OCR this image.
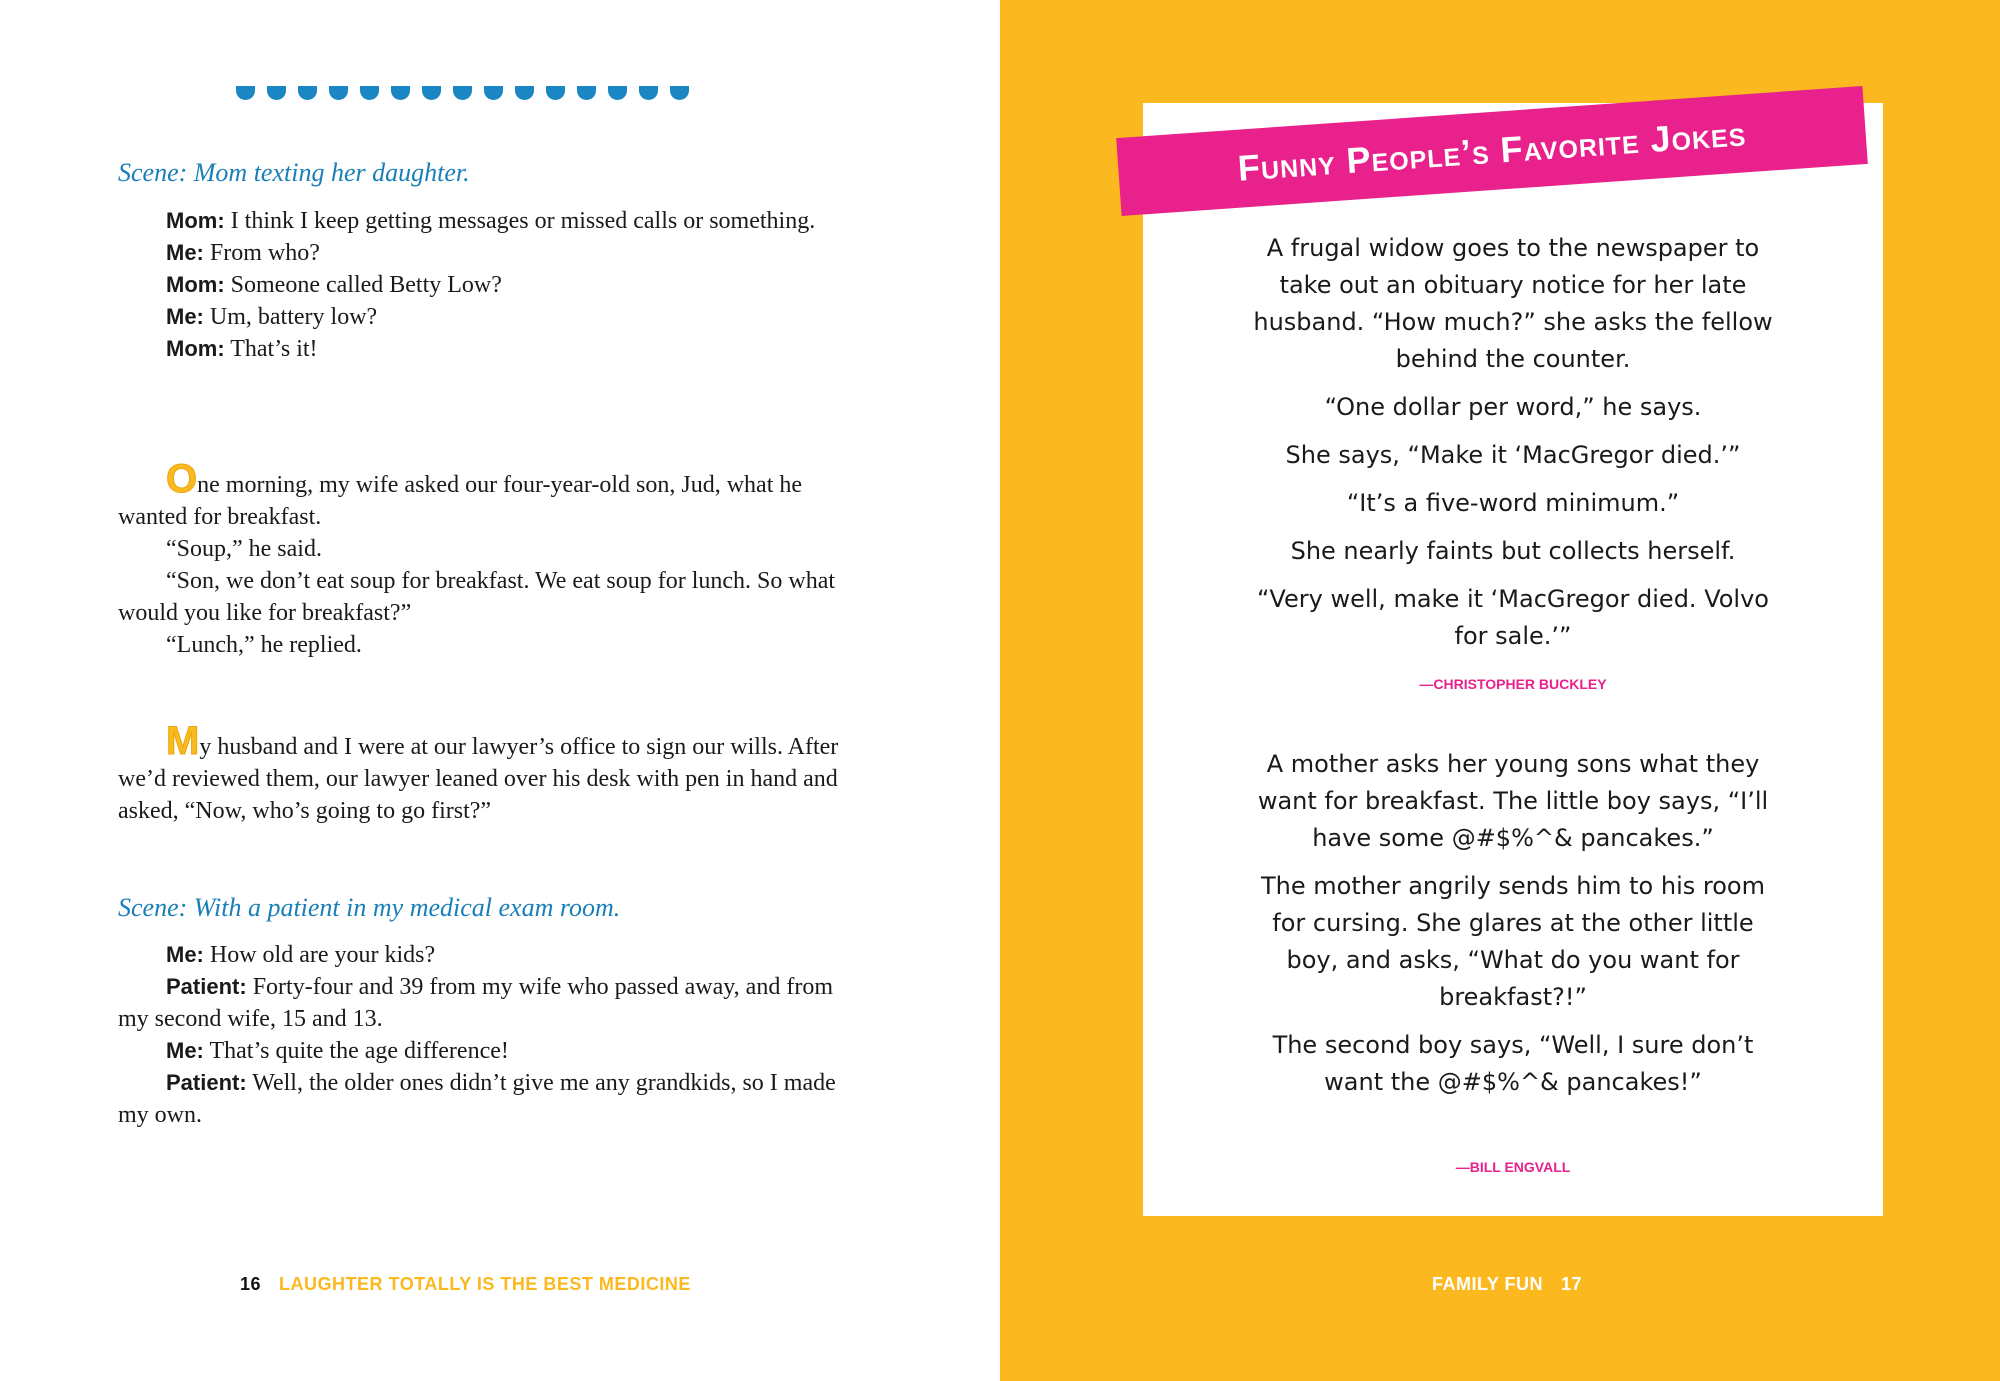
Scene: Mom texting her daughter.

Mom: I think I keep getting messages or missed calls or something.

Me: From who?

Mom: Someone called Betty Low?

Me: Um, battery low?

Mom: That’s it!

One morning, my wife asked our four-year-old son, Jud, what he wanted for breakfast.

“Soup,” he said.

“Son, we don’t eat soup for breakfast. We eat soup for lunch. So what would you like for breakfast?”

“Lunch,” he replied.

My husband and I were at our lawyer’s office to sign our wills. After we’d reviewed them, our lawyer leaned over his desk with pen in hand and asked, “Now, who’s going to go first?”

Scene: With a patient in my medical exam room.

Me: How old are your kids?

Patient: Forty-four and 39 from my wife who passed away, and from my second wife, 15 and 13.

Me: That’s quite the age difference!

Patient: Well, the older ones didn’t give me any grandkids, so I made my own.

16 LAUGHTER TOTALLY IS THE BEST MEDICINE
Funny People’s Favorite Jokes

A frugal widow goes to the newspaper to take out an obituary notice for her late husband. “How much?” she asks the fellow behind the counter.

“One dollar per word,” he says.

She says, “Make it ‘MacGregor died.’”

“It’s a five-word minimum.”

She nearly faints but collects herself.

“Very well, make it ‘MacGregor died. Volvo for sale.’”

—CHRISTOPHER BUCKLEY

A mother asks her young sons what they want for breakfast. The little boy says, “I’ll have some @#$%^& pancakes.”

The mother angrily sends him to his room for cursing. She glares at the other little boy, and asks, “What do you want for breakfast?!”

The second boy says, “Well, I sure don’t want the @#$%^& pancakes!”

—BILL ENGVALL
FAMILY FUN 17
